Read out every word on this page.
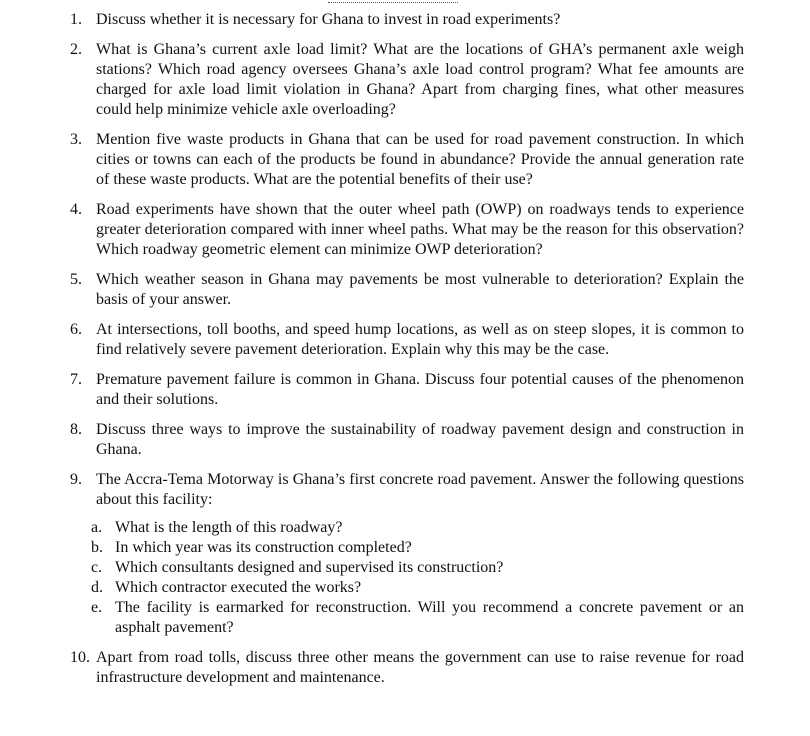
1. Discuss whether it is necessary for Ghana to invest in road experiments?
2. What is Ghana’s current axle load limit? What are the locations of GHA’s permanent axle weigh stations? Which road agency oversees Ghana’s axle load control program? What fee amounts are charged for axle load limit violation in Ghana? Apart from charging fines, what other measures could help minimize vehicle axle overloading?
3. Mention five waste products in Ghana that can be used for road pavement construction. In which cities or towns can each of the products be found in abundance? Provide the annual generation rate of these waste products. What are the potential benefits of their use?
4. Road experiments have shown that the outer wheel path (OWP) on roadways tends to experience greater deterioration compared with inner wheel paths. What may be the reason for this observation? Which roadway geometric element can minimize OWP deterioration?
5. Which weather season in Ghana may pavements be most vulnerable to deterioration? Explain the basis of your answer.
6. At intersections, toll booths, and speed hump locations, as well as on steep slopes, it is common to find relatively severe pavement deterioration. Explain why this may be the case.
7. Premature pavement failure is common in Ghana. Discuss four potential causes of the phenomenon and their solutions.
8. Discuss three ways to improve the sustainability of roadway pavement design and construction in Ghana.
9. The Accra-Tema Motorway is Ghana’s first concrete road pavement. Answer the following questions about this facility:
a. What is the length of this roadway?
b. In which year was its construction completed?
c. Which consultants designed and supervised its construction?
d. Which contractor executed the works?
e. The facility is earmarked for reconstruction. Will you recommend a concrete pavement or an asphalt pavement?
10. Apart from road tolls, discuss three other means the government can use to raise revenue for road infrastructure development and maintenance.
